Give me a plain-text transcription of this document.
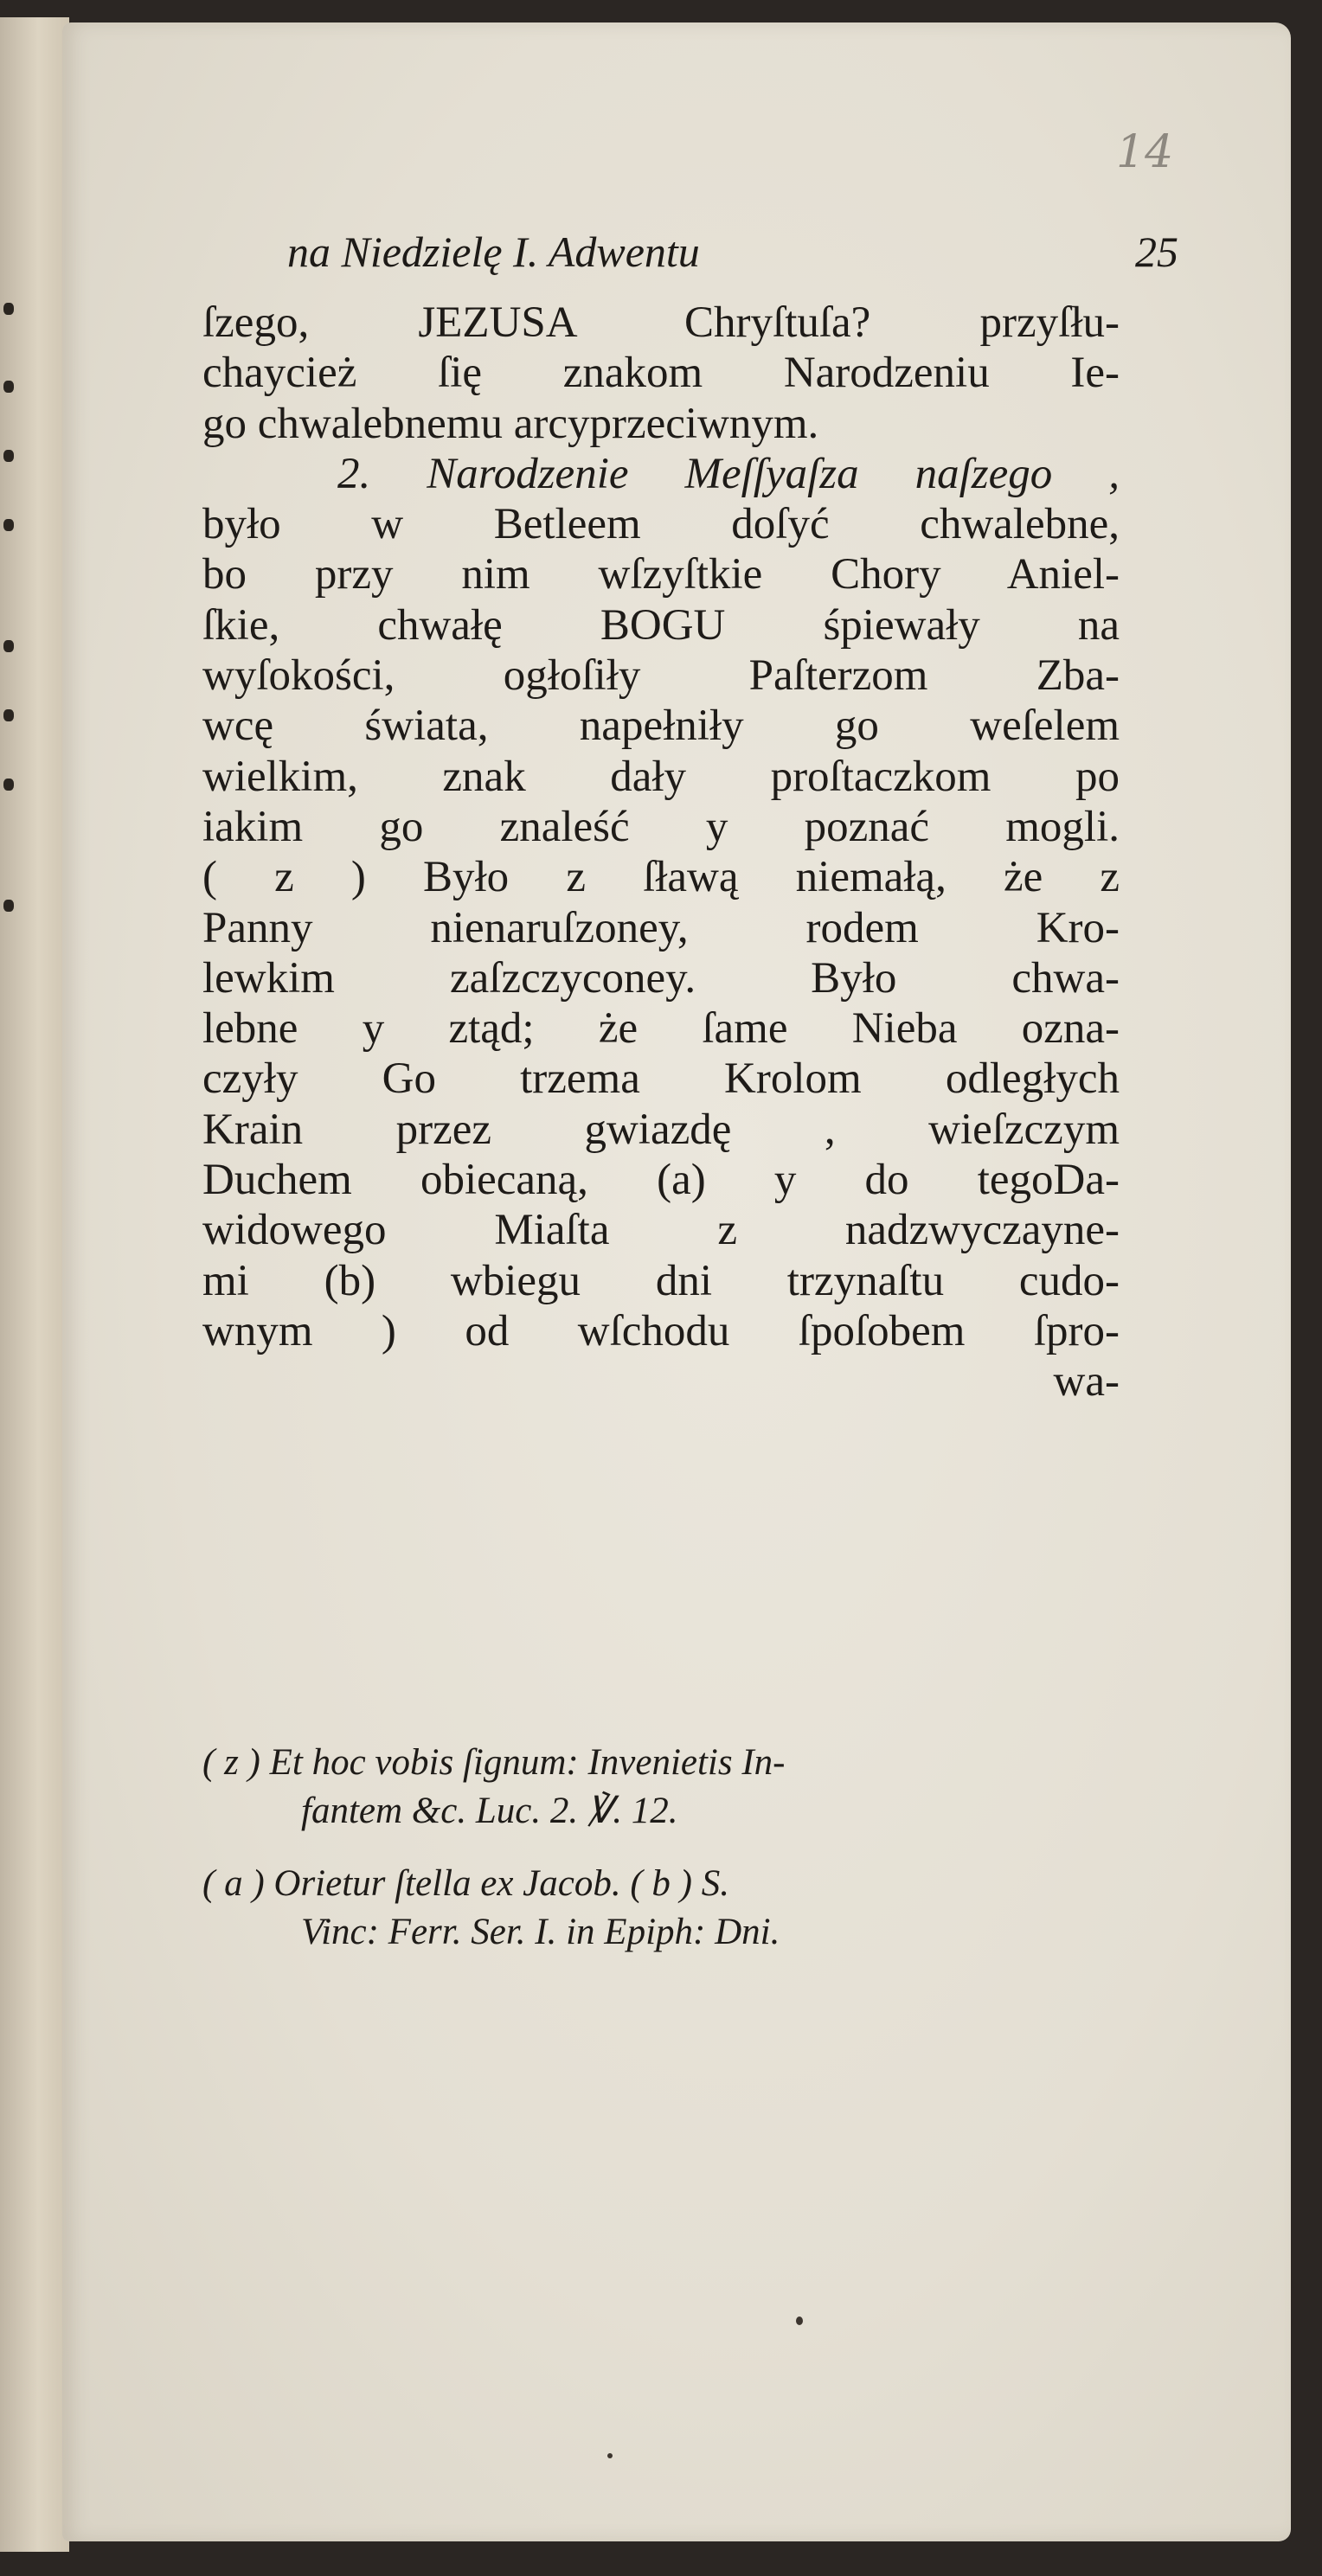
14
na Niedzielę I. Adwentu	25
ſzego, JEZUSA Chryſtuſa? przyſłu-
chaycież ſię znakom Narodzeniu Ie-
go chwalebnemu arcyprzeciwnym.
2. Narodzenie Meſſyaſza naſzego ,
było w Betleem doſyć chwalebne,
bo przy nim wſzyſtkie Chory Aniel-
ſkie, chwałę BOGU śpiewały na
wyſokości, ogłoſiły Paſterzom Zba-
wcę świata, napełniły go weſelem
wielkim, znak dały proſtaczkom po
iakim go znaleść y poznać mogli.
( z ) Było z ſławą niemałą, że z
Panny nienaruſzoney, rodem Kro-
lewkim zaſzczyconey. Było chwa-
lebne y ztąd; że ſame Nieba ozna-
czyły Go trzema Krolom odległych
Krain przez gwiazdę , wieſzczym
Duchem obiecaną, (a) y do tegoDa-
widowego Miaſta z nadzwyczayne-
mi (b) wbiegu dni trzynaſtu cudo-
wnym ) od wſchodu ſpoſobem ſpro-
wa-
( z ) Et hoc vobis ſignum: Invenietis In-
fantem &c. Luc. 2. ℣. 12.
( a ) Orietur ſtella ex Jacob. ( b ) S.
Vinc: Ferr. Ser. I. in Epiph: Dni.
